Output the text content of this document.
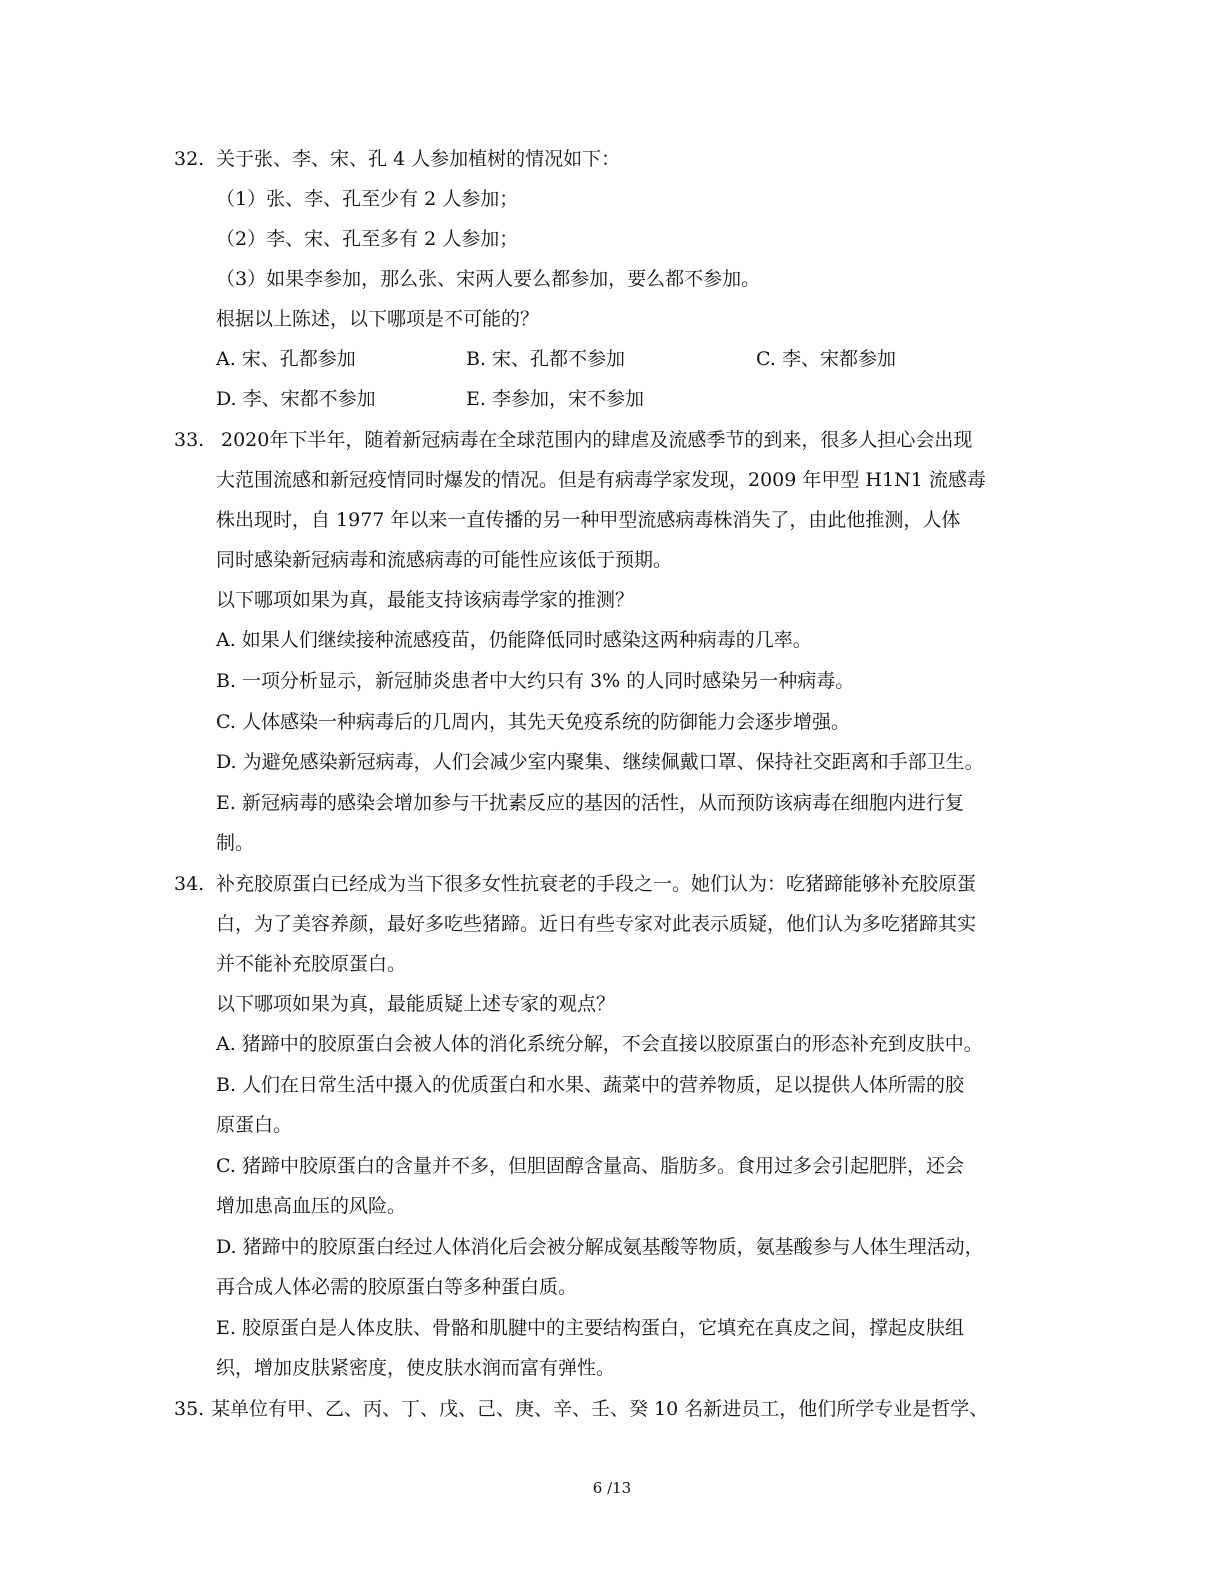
32. 关于张、李、宋、孔 4 人参加植树的情况如下：
（1）张、李、孔至少有 2 人参加；
（2）李、宋、孔至多有 2 人参加；
（3）如果李参加，那么张、宋两人要么都参加，要么都不参加。
根据以上陈述，以下哪项是不可能的？
A. 宋、孔都参加	B. 宋、孔都不参加	C. 李、宋都参加
D. 李、宋都不参加	E. 李参加，宋不参加
33. 2020年下半年，随着新冠病毒在全球范围内的肆虐及流感季节的到来，很多人担心会出现
大范围流感和新冠疫情同时爆发的情况。但是有病毒学家发现，2009 年甲型 H1N1 流感毒
株出现时，自 1977 年以来一直传播的另一种甲型流感病毒株消失了，由此他推测，人体
同时感染新冠病毒和流感病毒的可能性应该低于预期。
以下哪项如果为真，最能支持该病毒学家的推测？
A. 如果人们继续接种流感疫苗，仍能降低同时感染这两种病毒的几率。
B. 一项分析显示，新冠肺炎患者中大约只有 3% 的人同时感染另一种病毒。
C. 人体感染一种病毒后的几周内，其先天免疫系统的防御能力会逐步增强。
D. 为避免感染新冠病毒，人们会减少室内聚集、继续佩戴口罩、保持社交距离和手部卫生。
E. 新冠病毒的感染会增加参与干扰素反应的基因的活性，从而预防该病毒在细胞内进行复
制。
34. 补充胶原蛋白已经成为当下很多女性抗衰老的手段之一。她们认为：吃猪蹄能够补充胶原蛋
白，为了美容养颜，最好多吃些猪蹄。近日有些专家对此表示质疑，他们认为多吃猪蹄其实
并不能补充胶原蛋白。
以下哪项如果为真，最能质疑上述专家的观点？
A. 猪蹄中的胶原蛋白会被人体的消化系统分解，不会直接以胶原蛋白的形态补充到皮肤中。
B. 人们在日常生活中摄入的优质蛋白和水果、蔬菜中的营养物质，足以提供人体所需的胶
原蛋白。
C. 猪蹄中胶原蛋白的含量并不多，但胆固醇含量高、脂肪多。食用过多会引起肥胖，还会
增加患高血压的风险。
D. 猪蹄中的胶原蛋白经过人体消化后会被分解成氨基酸等物质，氨基酸参与人体生理活动，
再合成人体必需的胶原蛋白等多种蛋白质。
E. 胶原蛋白是人体皮肤、骨骼和肌腱中的主要结构蛋白，它填充在真皮之间，撑起皮肤组
织，增加皮肤紧密度，使皮肤水润而富有弹性。
35. 某单位有甲、乙、丙、丁、戊、己、庚、辛、壬、癸 10 名新进员工，他们所学专业是哲学、
6 /13
